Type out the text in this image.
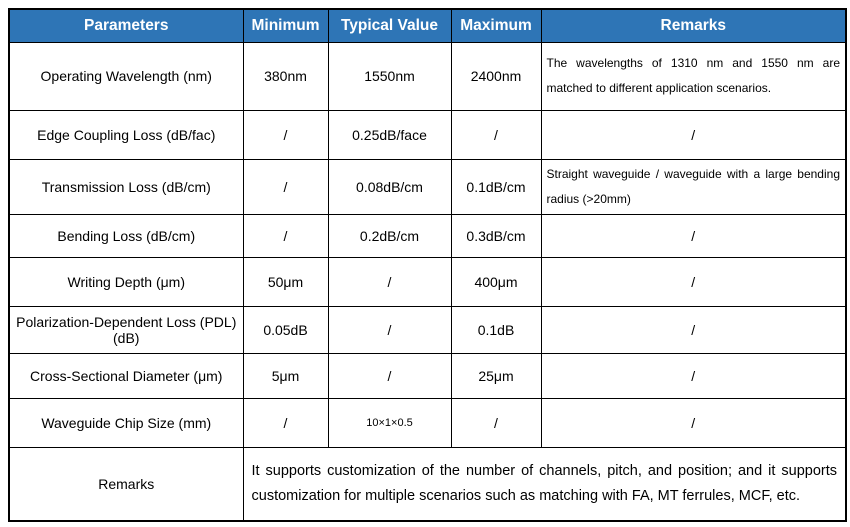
Parameters	Minimum	Typical Value	Maximum	Remarks
Operating Wavelength (nm)	380nm	1550nm	2400nm	The wavelengths of 1310 nm and 1550 nm are matched to different application scenarios.
Edge Coupling Loss (dB/fac)	/	0.25dB/face	/	/
Transmission Loss (dB/cm)	/	0.08dB/cm	0.1dB/cm	Straight waveguide / waveguide with a large bending radius (>20mm)
Bending Loss (dB/cm)	/	0.2dB/cm	0.3dB/cm	/
Writing Depth (μm)	50μm	/	400μm	/
Polarization-Dependent Loss (PDL) (dB)	0.05dB	/	0.1dB	/
Cross-Sectional Diameter (μm)	5μm	/	25μm	/
Waveguide Chip Size (mm)	/	10×1×0.5	/	/
Remarks	It supports customization of the number of channels, pitch, and position; and it supports customization for multiple scenarios such as matching with FA, MT ferrules, MCF, etc.			
